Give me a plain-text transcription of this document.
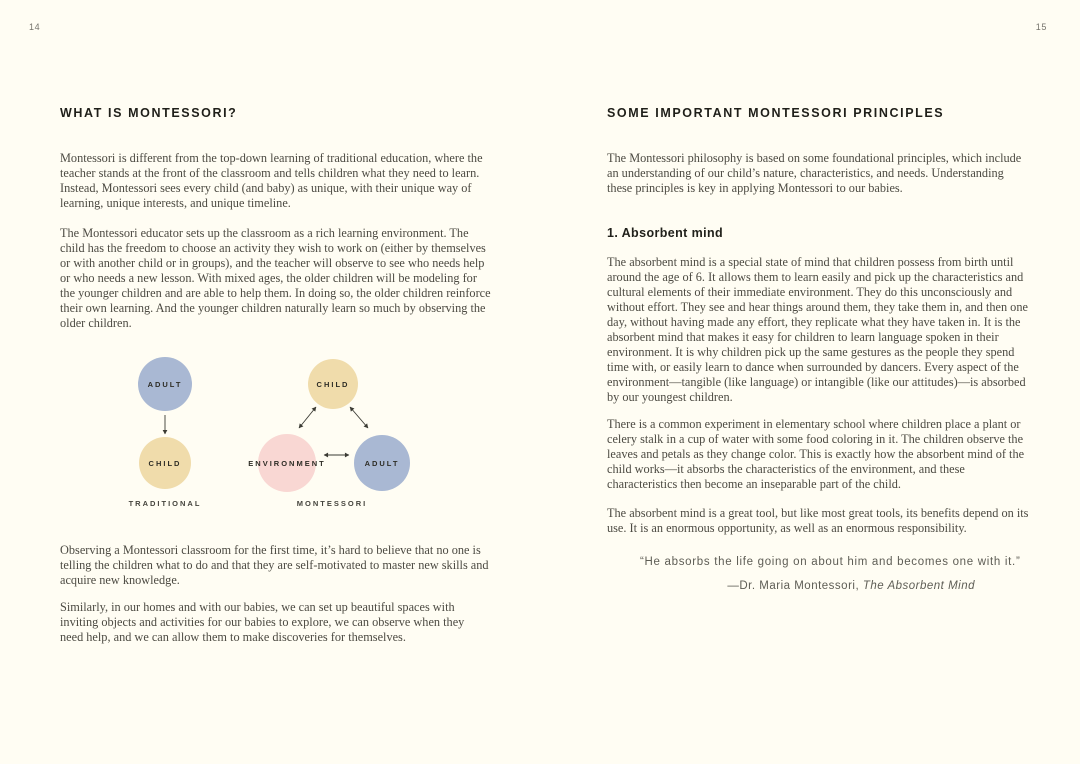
14	15
WHAT IS MONTESSORI?

Montessori is different from the top-down learning of traditional education, where the teacher stands at the front of the classroom and tells children what they need to learn. Instead, Montessori sees every child (and baby) as unique, with their unique way of learning, unique interests, and unique timeline.

The Montessori educator sets up the classroom as a rich learning environment. The child has the freedom to choose an activity they wish to work on (either by themselves or with another child or in groups), and the teacher will observe to see who needs help or who needs a new lesson. With mixed ages, the older children will be modeling for the younger children and are able to help them. In doing so, the older children reinforce their own learning. And the younger children naturally learn so much by observing the older children.

ADULT
CHILD
TRADITIONAL
CHILD
ENVIRONMENT	ADULT
MONTESSORI

Observing a Montessori classroom for the first time, it’s hard to believe that no one is telling the children what to do and that they are self-motivated to master new skills and acquire new knowledge.

Similarly, in our homes and with our babies, we can set up beautiful spaces with inviting objects and activities for our babies to explore, we can observe when they need help, and we can allow them to make discoveries for themselves.

SOME IMPORTANT MONTESSORI PRINCIPLES

The Montessori philosophy is based on some foundational principles, which include an understanding of our child’s nature, characteristics, and needs. Understanding these principles is key in applying Montessori to our babies.

1. Absorbent mind

The absorbent mind is a special state of mind that children possess from birth until around the age of 6. It allows them to learn easily and pick up the characteristics and cultural elements of their immediate environment. They do this unconsciously and without effort. They see and hear things around them, they take them in, and then one day, without having made any effort, they replicate what they have taken in. It is the absorbent mind that makes it easy for children to learn language spoken in their environment. It is why children pick up the same gestures as the people they spend time with, or easily learn to dance when surrounded by dancers. Every aspect of the environment—tangible (like language) or intangible (like our attitudes)—is absorbed by our youngest children.

There is a common experiment in elementary school where children place a plant or celery stalk in a cup of water with some food coloring in it. The children observe the leaves and petals as they change color. This is exactly how the absorbent mind of the child works—it absorbs the characteristics of the environment, and these characteristics then become an inseparable part of the child.

The absorbent mind is a great tool, but like most great tools, its benefits depend on its use. It is an enormous opportunity, as well as an enormous responsibility.

“He absorbs the life going on about him and becomes one with it.”

—Dr. Maria Montessori, The Absorbent Mind
